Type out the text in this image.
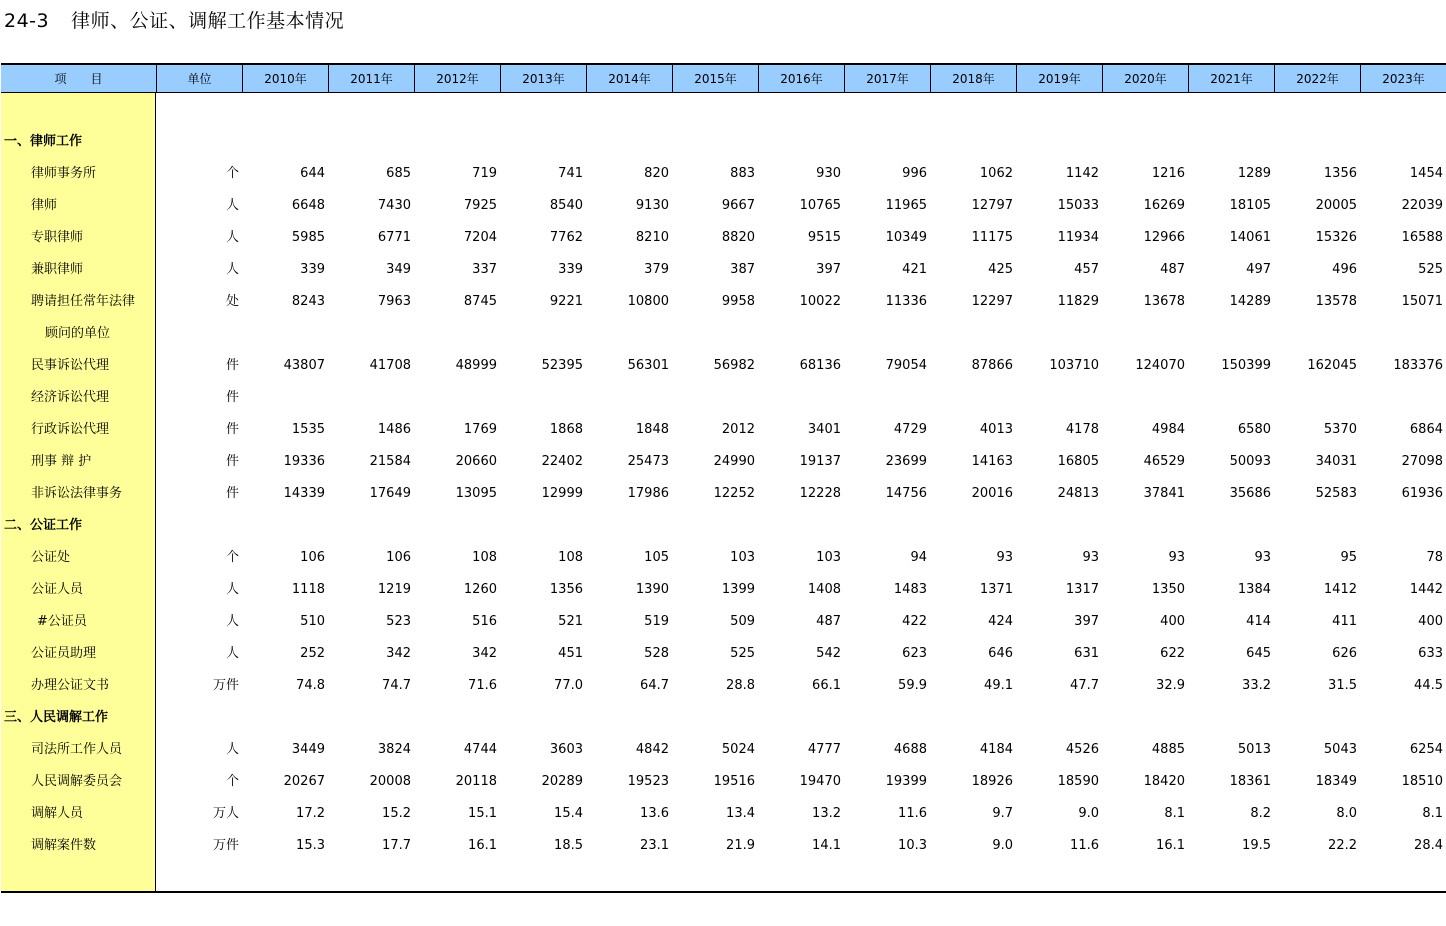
24-3 律师、公证、调解工作基本情况
项　　目	单位	2010年	2011年	2012年	2013年	2014年	2015年	2016年	2017年	2018年	2019年	2020年	2021年	2022年	2023年
一、律师工作
律师事务所	个	644	685	719	741	820	883	930	996	1062	1142	1216	1289	1356	1454
律师	人	6648	7430	7925	8540	9130	9667	10765	11965	12797	15033	16269	18105	20005	22039
专职律师	人	5985	6771	7204	7762	8210	8820	9515	10349	11175	11934	12966	14061	15326	16588
兼职律师	人	339	349	337	339	379	387	397	421	425	457	487	497	496	525
聘请担任常年法律	处	8243	7963	8745	9221	10800	9958	10022	11336	12297	11829	13678	14289	13578	15071
顾问的单位
民事诉讼代理	件	43807	41708	48999	52395	56301	56982	68136	79054	87866	103710	124070	150399	162045	183376
经济诉讼代理	件
行政诉讼代理	件	1535	1486	1769	1868	1848	2012	3401	4729	4013	4178	4984	6580	5370	6864
刑事 辩 护	件	19336	21584	20660	22402	25473	24990	19137	23699	14163	16805	46529	50093	34031	27098
非诉讼法律事务	件	14339	17649	13095	12999	17986	12252	12228	14756	20016	24813	37841	35686	52583	61936
二、公证工作
公证处	个	106	106	108	108	105	103	103	94	93	93	93	93	95	78
公证人员	人	1118	1219	1260	1356	1390	1399	1408	1483	1371	1317	1350	1384	1412	1442
#公证员	人	510	523	516	521	519	509	487	422	424	397	400	414	411	400
公证员助理	人	252	342	342	451	528	525	542	623	646	631	622	645	626	633
办理公证文书	万件	74.8	74.7	71.6	77.0	64.7	28.8	66.1	59.9	49.1	47.7	32.9	33.2	31.5	44.5
三、人民调解工作
司法所工作人员	人	3449	3824	4744	3603	4842	5024	4777	4688	4184	4526	4885	5013	5043	6254
人民调解委员会	个	20267	20008	20118	20289	19523	19516	19470	19399	18926	18590	18420	18361	18349	18510
调解人员	万人	17.2	15.2	15.1	15.4	13.6	13.4	13.2	11.6	9.7	9.0	8.1	8.2	8.0	8.1
调解案件数	万件	15.3	17.7	16.1	18.5	23.1	21.9	14.1	10.3	9.0	11.6	16.1	19.5	22.2	28.4
